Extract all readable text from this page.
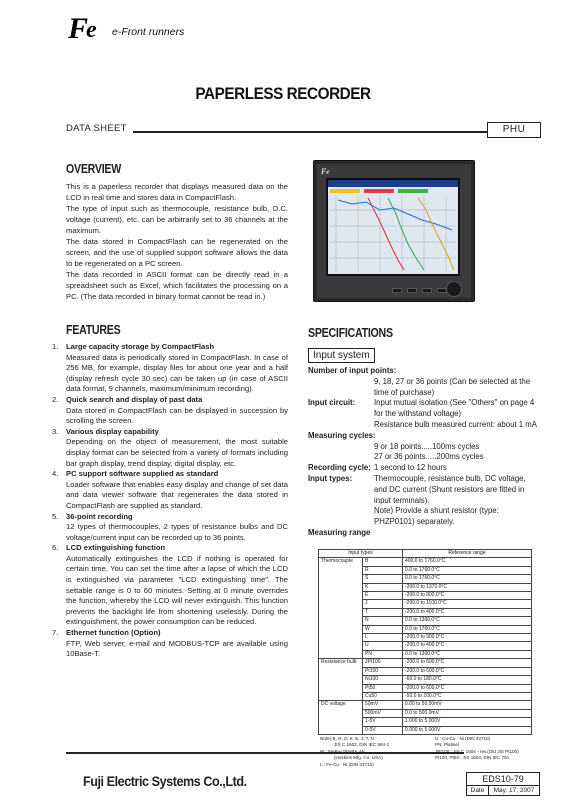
F e e-Front runners
PAPERLESS RECORDER
DATA SHEET	PHU
OVERVIEW

This is a paperless recorder that displays measured data on the LCD in real time and stores data in CompactFlash.

The type of input such as thermocouple, resistance bulb, D.C. voltage (current), etc. can be arbitrarily set to 36 channels at the maximum.

The data stored in CompactFlash can be regenerated on the screen, and the use of supplied support software allows the data to be regenerated on a PC screen.

The data recorded in ASCII format can be directly read in a spreadsheet such as Excel, which facilitates the processing on a PC. (The data recorded in binary format cannot be read in.)

Fe
FEATURES
1.	Large capacity storage by CompactFlash
Measured data is periodically stored in CompactFlash. In case of 256 MB, for example, display files for about one year and a half (display refresh cycle 30 sec) can be taken up (in case of ASCII data format, 9 channels, maximum/minimum recording).
2.	Quick search and display of past data
Data stored in CompactFlash can be displayed in succession by scrolling the screen.
3.	Various display capability
Depending on the object of measurement, the most suitable display format can be selected from a variety of formats including bar graph display, trend display, digital display, etc.
4.	PC support software supplied as standard
Loader software that enables easy display and change of set data and data viewer software that regenerates the data stored in CompactFlash are supplied as standard.
5.	36-point recording
12 types of thermocouples, 2 types of resistance bulbs and DC voltage/current input can be recorded up to 36 points.
6.	LCD extinguishing function
Automatically extinguishes the LCD if nothing is operated for certain time. You can set the time after a lapse of which the LCD is extinguished via parameter "LCD extinguishing time". The settable range is 0 to 60 minutes. Setting at 0 minute overrides the function, whereby the LCD will never extinguish. This function prevents the backlight life from shortening uselessly. During the extinguishment, the power consumption can be reduced.
7.	Ethernet function (Option)
FTP, Web server, e-mail and MODBUS-TCP are available using 10Base-T.
SPECIFICATIONS
Input system
Number of input points:
9, 18, 27 or 36 points (Can be selected at the time of purchase)
Input circuit:	Input mutual isolation (See "Others" on page 4 for the withstand voltage)
Resistance bulb measured current: about 1 mA
Measuring cycles:
9 or 18 points.....100ms cycles
27 or 36 points.....200ms cycles
Recording cycle: 1 second to 12 hours
Input types:	Thermocouple, resistance bulb, DC voltage, and DC current (Shunt resistors are fitted in input terminals).
Note) Provide a shunt resistor (type: PHZP0101) separately.
Measuring range
Input types		Reference range
Thermocouple	B	400.0 to 1760.0°C
	R	0.0 to 1760.0°C
	S	0.0 to 1760.0°C
	K	-200.0 to 1370.0°C
	E	-200.0 to 800.0°C
	J	-200.0 to 1100.0°C
	T	-200.0 to 400.0°C
	N	0.0 to 1300.0°C
	W	0.0 to 1760.0°C
	L	-200.0 to 900.0°C
	U	-200.0 to 400.0°C
	PN	0.0 to 1300.0°C
Resistance bulb	JPt100	-200.0 to 600.0°C
	Pt100	-200.0 to 600.0°C
	Ni100	-60.0 to 180.0°C
	Pt50	-200.0 to 600.0°C
	Cu50	-50.0 to 200.0°C
DC voltage	50mV	0.00 to 50.00mV
	500mV	0.0 to 500.0mV
	1-5V	1.000 to 5.000V
	0-5V	0.000 to 5.000V
Note) B, R, S, K, E, J, T, N :
JIS C 1602, DIN IEC 584-1
W : 5%Re-26%Re -W
(Hoskins Mfg. Co. USA)
L : Fe-Cu - Ni (DIN 43710)
U : Cu-Cu - Ni (DIN 43710)
PN: Platinel
JPt100 : JIS C 1604 - rev.(Old JIS Pt100)
Pt100, Pt50 : JIS 1604, DIN IEC 751
Fuji Electric Systems Co.,Ltd.	EDS10-79
Date	May. 17, 2007
